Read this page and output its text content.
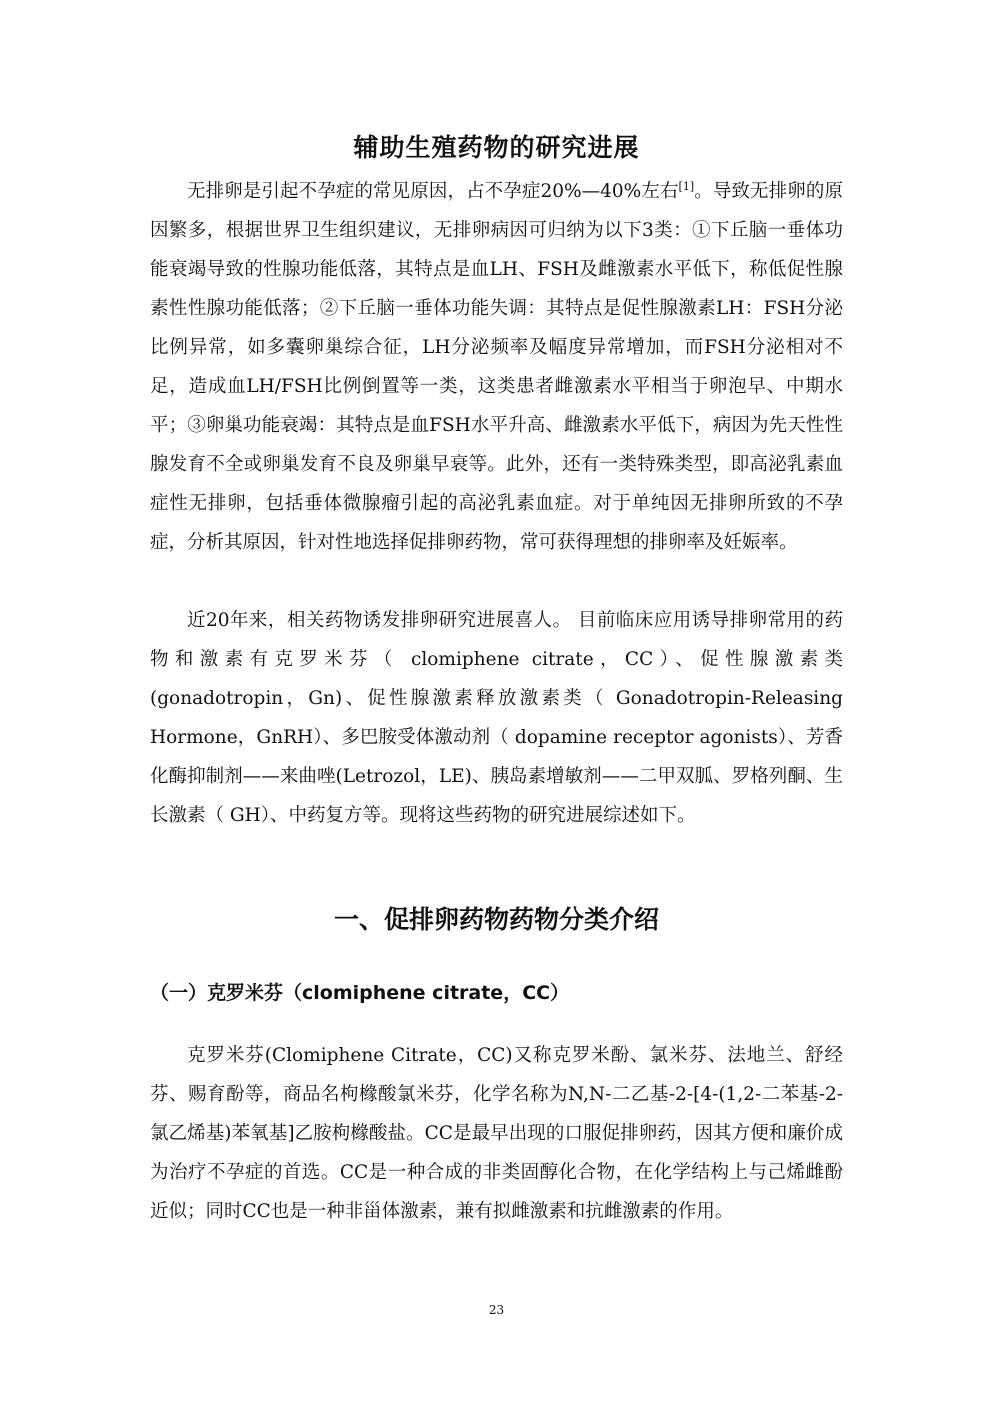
辅助生殖药物的研究进展

无排卵是引起不孕症的常见原因，占不孕症20%—40%左右[1]。导致无排卵的原因繁多，根据世界卫生组织建议，无排卵病因可归纳为以下3类：①下丘脑一垂体功能衰竭导致的性腺功能低落，其特点是血LH、FSH及雌激素水平低下，称低促性腺素性性腺功能低落；②下丘脑一垂体功能失调：其特点是促性腺激素LH：FSH分泌比例异常，如多囊卵巢综合征，LH分泌频率及幅度异常增加，而FSH分泌相对不足，造成血LH/FSH比例倒置等一类，这类患者雌激素水平相当于卵泡早、中期水平；③卵巢功能衰竭：其特点是血FSH水平升高、雌激素水平低下，病因为先天性性腺发育不全或卵巢发育不良及卵巢早衰等。此外，还有一类特殊类型，即高泌乳素血症性无排卵，包括垂体微腺瘤引起的高泌乳素血症。对于单纯因无排卵所致的不孕症，分析其原因，针对性地选择促排卵药物，常可获得理想的排卵率及妊娠率。

近20年来，相关药物诱发排卵研究进展喜人。 目前临床应用诱导排卵常用的药物和激素有克罗米芬（ clomiphene citrate，CC）、促性腺激素类(gonadotropin，Gn)、促性腺激素释放激素类（ Gonadotropin-Releasing Hormone，GnRH）、多巴胺受体激动剂（ dopamine receptor agonists）、芳香化酶抑制剂——来曲唑(Letrozol，LE)、胰岛素增敏剂——二甲双胍、罗格列酮、生长激素（ GH）、中药复方等。现将这些药物的研究进展综述如下。

一、促排卵药物药物分类介绍
（一）克罗米芬（clomiphene citrate，CC）

克罗米芬(Clomiphene Citrate，CC)又称克罗米酚、氯米芬、法地兰、舒经芬、赐育酚等，商品名枸橼酸氯米芬，化学名称为N,N-二乙基-2-[4-(1,2-二苯基-2-氯乙烯基)苯氧基]乙胺枸橼酸盐。CC是最早出现的口服促排卵药，因其方便和廉价成为治疗不孕症的首选。CC是一种合成的非类固醇化合物，在化学结构上与己烯雌酚近似；同时CC也是一种非甾体激素，兼有拟雌激素和抗雌激素的作用。

23
